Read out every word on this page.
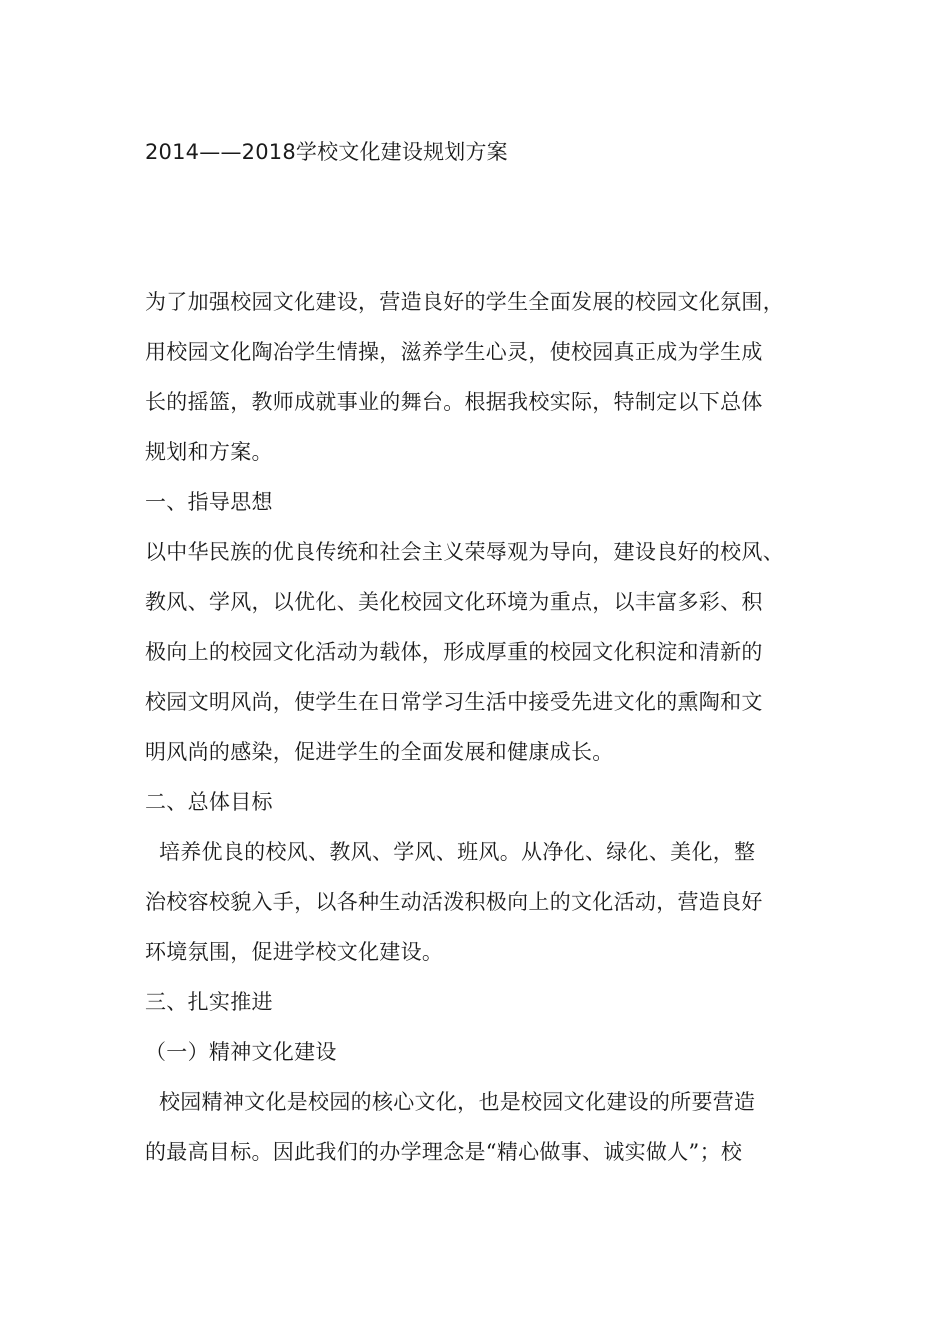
2014——2018学校文化建设规划方案
为了加强校园文化建设，营造良好的学生全面发展的校园文化氛围，
用校园文化陶冶学生情操，滋养学生心灵，使校园真正成为学生成
长的摇篮，教师成就事业的舞台。根据我校实际，特制定以下总体
规划和方案。
一、指导思想
以中华民族的优良传统和社会主义荣辱观为导向，建设良好的校风、
教风、学风，以优化、美化校园文化环境为重点，以丰富多彩、积
极向上的校园文化活动为载体，形成厚重的校园文化积淀和清新的
校园文明风尚，使学生在日常学习生活中接受先进文化的熏陶和文
明风尚的感染，促进学生的全面发展和健康成长。
二、总体目标
培养优良的校风、教风、学风、班风。从净化、绿化、美化，整
治校容校貌入手，以各种生动活泼积极向上的文化活动，营造良好
环境氛围，促进学校文化建设。
三、扎实推进
（一）精神文化建设
校园精神文化是校园的核心文化，也是校园文化建设的所要营造
的最高目标。因此我们的办学理念是“精心做事、诚实做人”；校
